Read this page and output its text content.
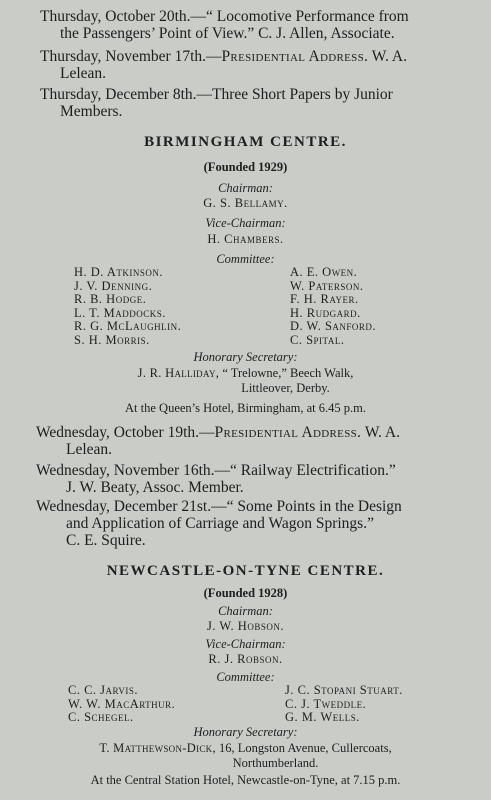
Thursday, October 20th.—“ Locomotive Performance from
the Passengers’ Point of View.” C. J. Allen, Associate.
Thursday, November 17th.—Presidential Address. W. A.
Lelean.
Thursday, December 8th.—Three Short Papers by Junior
Members.
BIRMINGHAM CENTRE.
(Founded 1929)
Chairman:
G. S. Bellamy.
Vice-Chairman:
H. Chambers.
Committee:
H. D. Atkinson.
J. V. Denning.
R. B. Hodge.
L. T. Maddocks.
R. G. McLaughlin.
S. H. Morris.
A. E. Owen.
W. Paterson.
F. H. Rayer.
H. Rudgard.
D. W. Sanford.
C. Spital.
Honorary Secretary:
J. R. Halliday, “ Trelowne,” Beech Walk,
Littleover, Derby.
At the Queen’s Hotel, Birmingham, at 6.45 p.m.
Wednesday, October 19th.—Presidential Address. W. A.
Lelean.
Wednesday, November 16th.—“ Railway Electrification.”
J. W. Beaty, Assoc. Member.
Wednesday, December 21st.—“ Some Points in the Design
and Application of Carriage and Wagon Springs.”
C. E. Squire.
NEWCASTLE-ON-TYNE CENTRE.
(Founded 1928)
Chairman:
J. W. Hobson.
Vice-Chairman:
R. J. Robson.
Committee:
C. C. Jarvis.
W. W. MacArthur.
C. Schegel.
J. C. Stopani Stuart.
C. J. Tweddle.
G. M. Wells.
Honorary Secretary:
T. Matthewson-Dick, 16, Longston Avenue, Cullercoats,
Northumberland.
At the Central Station Hotel, Newcastle-on-Tyne, at 7.15 p.m.
